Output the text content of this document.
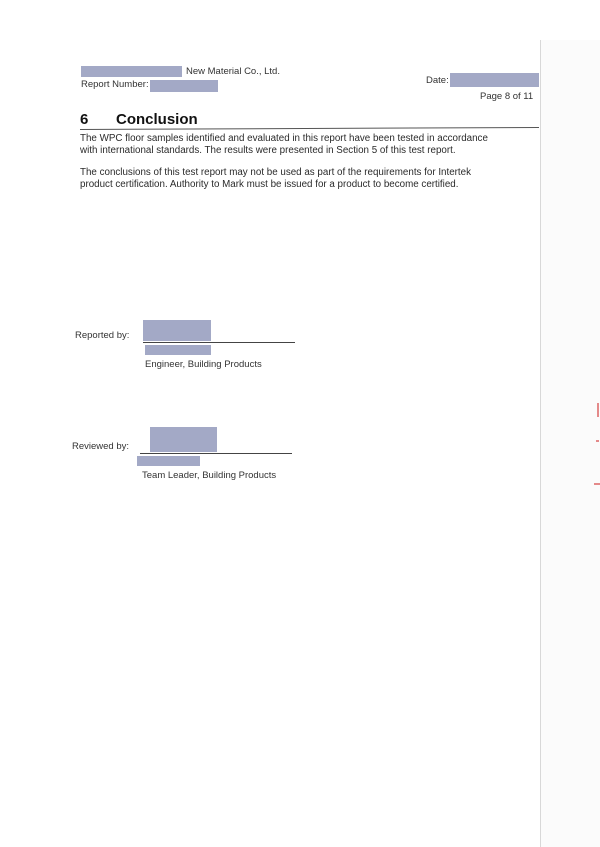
New Material Co., Ltd.
Report Number:	Date:
Page 8 of 11
6 Conclusion
The WPC floor samples identified and evaluated in this report have been tested in accordance
with international standards. The results were presented in Section 5 of this test report.
The conclusions of this test report may not be used as part of the requirements for Intertek
product certification. Authority to Mark must be issued for a product to become certified.
Reported by:
Engineer, Building Products
Reviewed by:
Team Leader, Building Products
